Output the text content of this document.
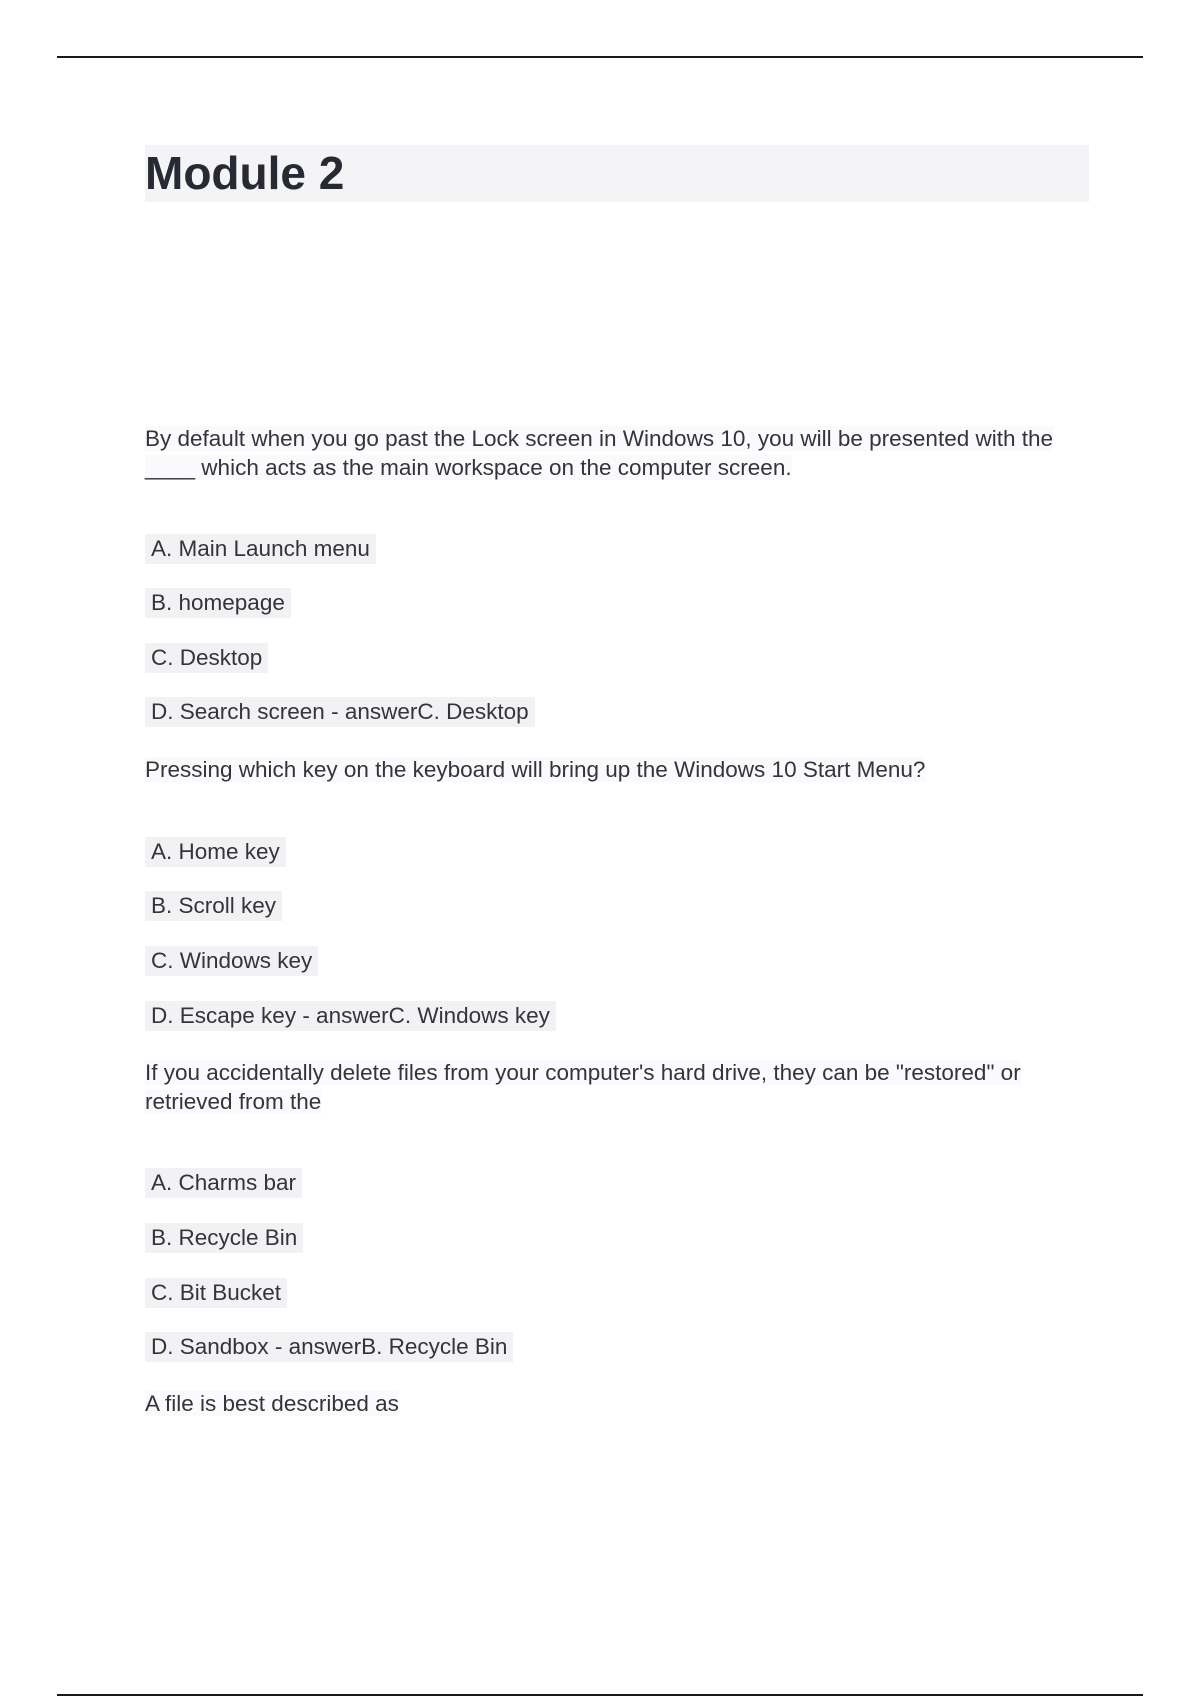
Module 2

By default when you go past the Lock screen in Windows 10, you will be presented with the ____ which acts as the main workspace on the computer screen.

A. Main Launch menu
B. homepage
C. Desktop
D. Search screen - answerC. Desktop

Pressing which key on the keyboard will bring up the Windows 10 Start Menu?

A. Home key
B. Scroll key
C. Windows key
D. Escape key - answerC. Windows key

If you accidentally delete files from your computer's hard drive, they can be "restored" or retrieved from the

A. Charms bar
B. Recycle Bin
C. Bit Bucket
D. Sandbox - answerB. Recycle Bin

A file is best described as
